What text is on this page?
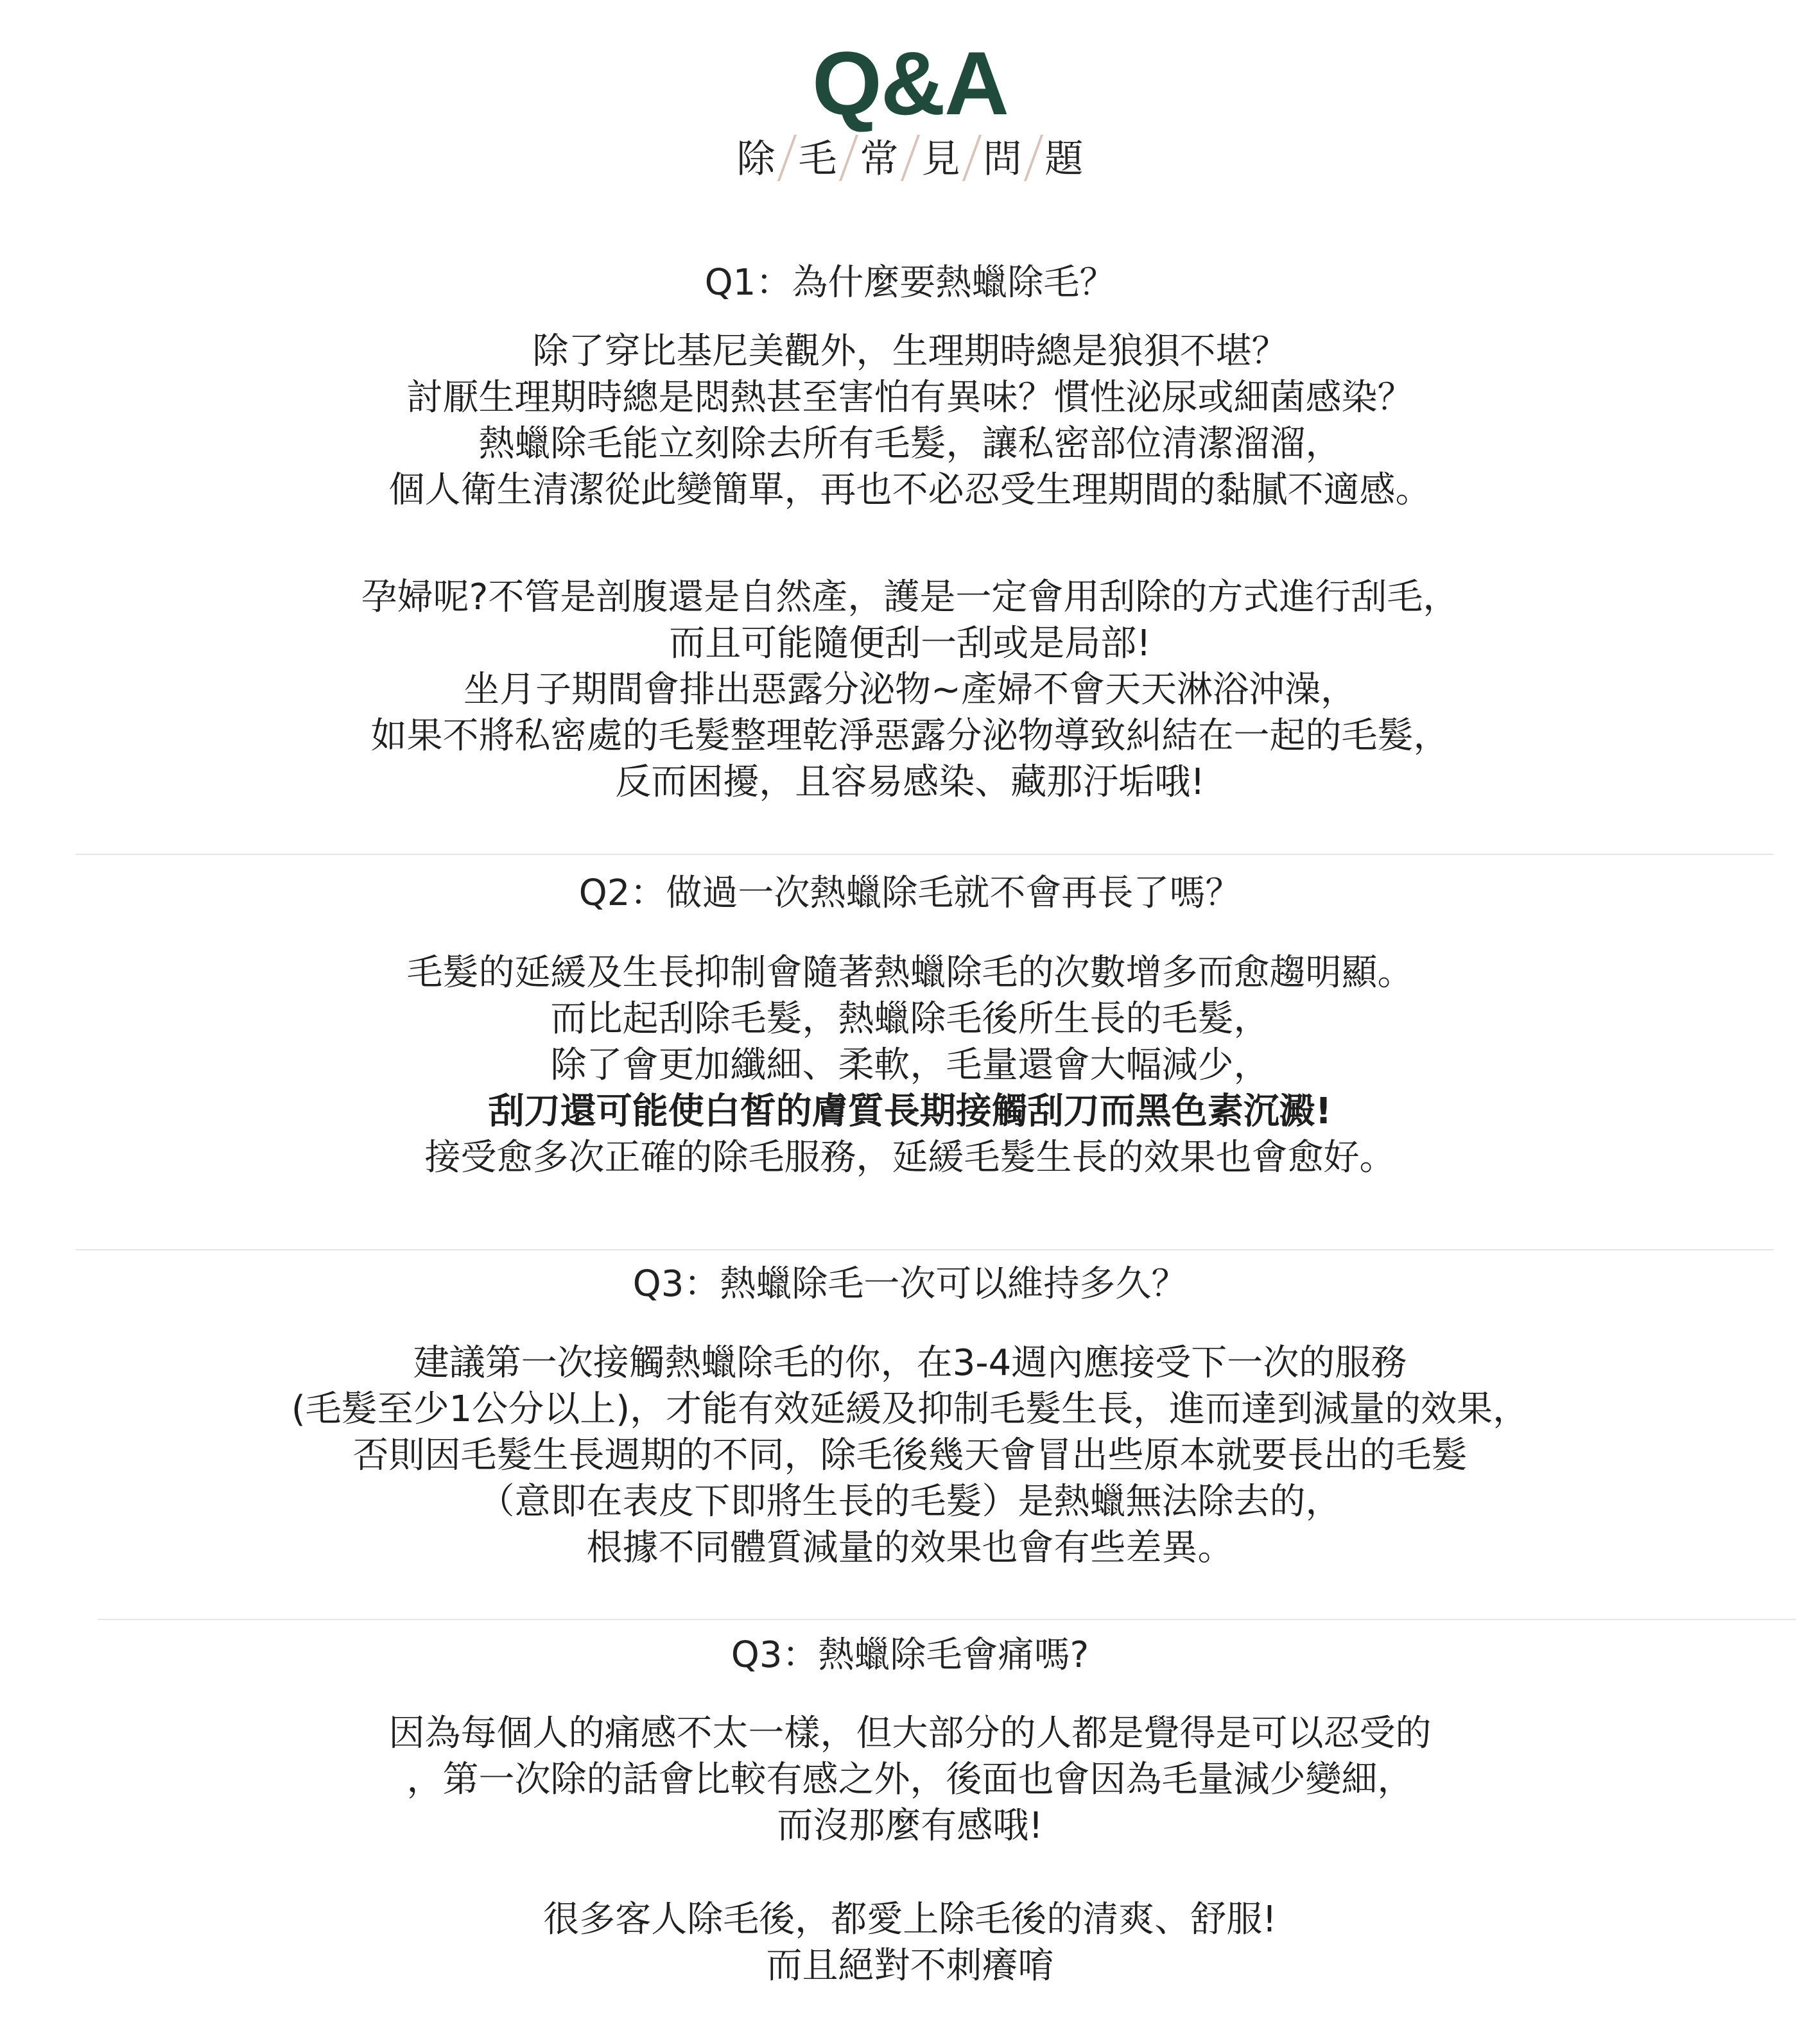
Q&A
除 毛 常 見 問 題
Q1：為什麼要熱蠟除毛？
除了穿比基尼美觀外，生理期時總是狼狽不堪？
討厭生理期時總是悶熱甚至害怕有異味？慣性泌尿或細菌感染？
熱蠟除毛能立刻除去所有毛髮，讓私密部位清潔溜溜，
個人衛生清潔從此變簡單，再也不必忍受生理期間的黏膩不適感。
孕婦呢?不管是剖腹還是自然產，護是一定會用刮除的方式進行刮毛，
而且可能隨便刮一刮或是局部!
坐月子期間會排出惡露分泌物~產婦不會天天淋浴沖澡，
如果不將私密處的毛髮整理乾淨惡露分泌物導致糾結在一起的毛髮，
反而困擾，且容易感染、藏那汙垢哦!
Q2：做過一次熱蠟除毛就不會再長了嗎？
毛髮的延緩及生長抑制會隨著熱蠟除毛的次數增多而愈趨明顯。
而比起刮除毛髮，熱蠟除毛後所生長的毛髮，
除了會更加纖細、柔軟，毛量還會大幅減少，
刮刀還可能使白皙的膚質長期接觸刮刀而黑色素沉澱!
接受愈多次正確的除毛服務，延緩毛髮生長的效果也會愈好。
Q3：熱蠟除毛一次可以維持多久？
建議第一次接觸熱蠟除毛的你，在3-4週內應接受下一次的服務
(毛髮至少1公分以上)，才能有效延緩及抑制毛髮生長，進而達到減量的效果，
否則因毛髮生長週期的不同，除毛後幾天會冒出些原本就要長出的毛髮
（意即在表皮下即將生長的毛髮）是熱蠟無法除去的，
根據不同體質減量的效果也會有些差異。
Q3：熱蠟除毛會痛嗎?
因為每個人的痛感不太一樣，但大部分的人都是覺得是可以忍受的
，第一次除的話會比較有感之外，後面也會因為毛量減少變細，
而沒那麼有感哦!
很多客人除毛後，都愛上除毛後的清爽、舒服!
而且絕對不刺癢唷
